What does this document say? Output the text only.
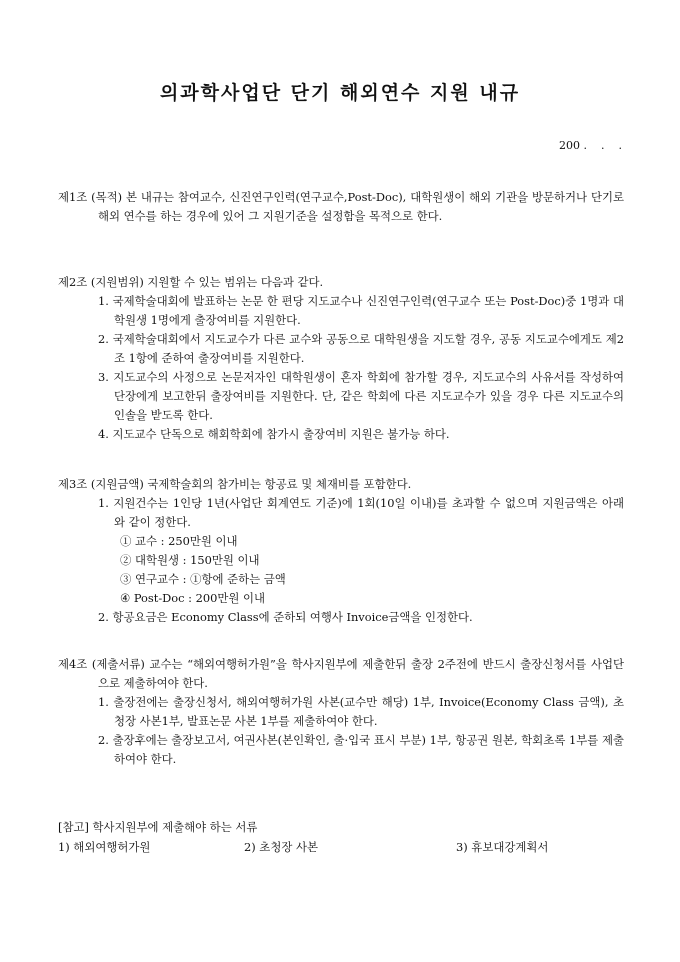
의과학사업단 단기 해외연수 지원 내규
200 .    .    .
제1조 (목적) 본 내규는 참여교수, 신진연구인력(연구교수,Post-Doc), 대학원생이 해외 기관을 방문하거나 단기로 해외 연수를 하는 경우에 있어 그 지원기준을 설정함을 목적으로 한다.
제2조 (지원범위) 지원할 수 있는 범위는 다음과 같다.
1. 국제학술대회에 발표하는 논문 한 편당 지도교수나 신진연구인력(연구교수 또는 Post-Doc)중 1명과 대학원생 1명에게 출장여비를 지원한다.
2. 국제학술대회에서 지도교수가 다른 교수와 공동으로 대학원생을 지도할 경우, 공동 지도교수에게도 제2조 1항에 준하여 출장여비를 지원한다.
3. 지도교수의 사정으로 논문저자인 대학원생이 혼자 학회에 참가할 경우, 지도교수의 사유서를 작성하여 단장에게 보고한뒤 출장여비를 지원한다. 단, 같은 학회에 다른 지도교수가 있을 경우 다른 지도교수의 인솔을 받도록 한다.
4. 지도교수 단독으로 해회학회에 참가시 출장여비 지원은 불가능 하다.
제3조 (지원금액) 국제학술회의 참가비는 항공료 및 체재비를 포함한다.
1. 지원건수는 1인당 1년(사업단 회계연도 기준)에 1회(10일 이내)를 초과할 수 없으며 지원금액은 아래와 같이 정한다.
① 교수 : 250만원 이내
② 대학원생 : 150만원 이내
③ 연구교수 : ①항에 준하는 금액
④ Post-Doc : 200만원 이내
2. 항공요금은 Economy Class에 준하되 여행사 Invoice금액을 인정한다.
제4조 (제출서류) 교수는 “해외여행허가원”을 학사지원부에 제출한뒤 출장 2주전에 반드시 출장신청서를 사업단으로 제출하여야 한다.
1. 출장전에는 출장신청서, 해외여행허가원 사본(교수만 해당) 1부, Invoice(Economy Class 금액), 초청장 사본1부, 발표논문 사본 1부를 제출하여야 한다.
2. 출장후에는 출장보고서, 여권사본(본인확인, 출·입국 표시 부분) 1부, 항공권 원본, 학회초록 1부를 제출하여야 한다.
[참고] 학사지원부에 제출해야 하는 서류
1) 해외여행허가원	2) 초청장 사본	3) 휴보대강계획서
